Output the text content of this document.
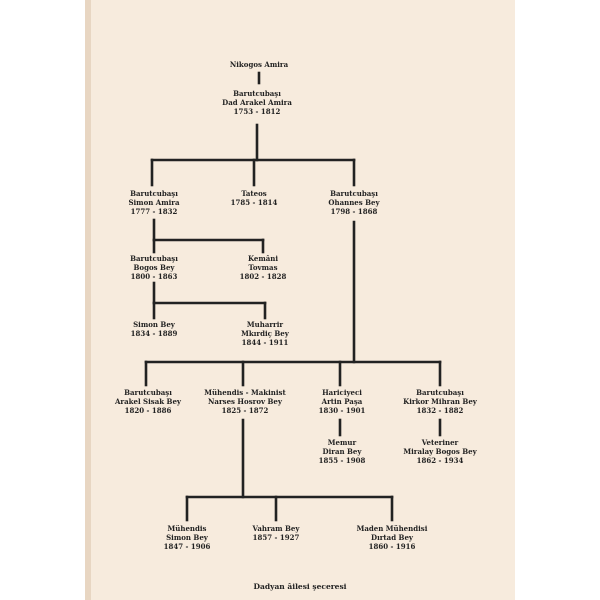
Nikogos Amira
Barutcubaşı
Dad Arakel Amira
1753 - 1812
Barutcubaşı
Simon Amira
1777 - 1832
Tateos
1785 - 1814
Barutcubaşı
Ohannes Bey
1798 - 1868
Barutcubaşı
Bogos Bey
1800 - 1863
Kemâni
Tovmas
1802 - 1828
Simon Bey
1834 - 1889
Muharrir
Mkırdiç Bey
1844 - 1911
Barutcubaşı
Arakel Sisak Bey
1820 - 1886
Mühendis - Makinist
Narses Hosrov Bey
1825 - 1872
Hariciyeci
Artin Paşa
1830 - 1901
Barutcubaşı
Kirkor Mihran Bey
1832 - 1882
Memur
Diran Bey
1855 - 1908
Veteriner
Miralay Bogos Bey
1862 - 1934
Mühendis
Simon Bey
1847 - 1906
Vahram Bey
1857 - 1927
Maden Mühendisi
Dırtad Bey
1860 - 1916
Dadyan âilesi şeceresi
